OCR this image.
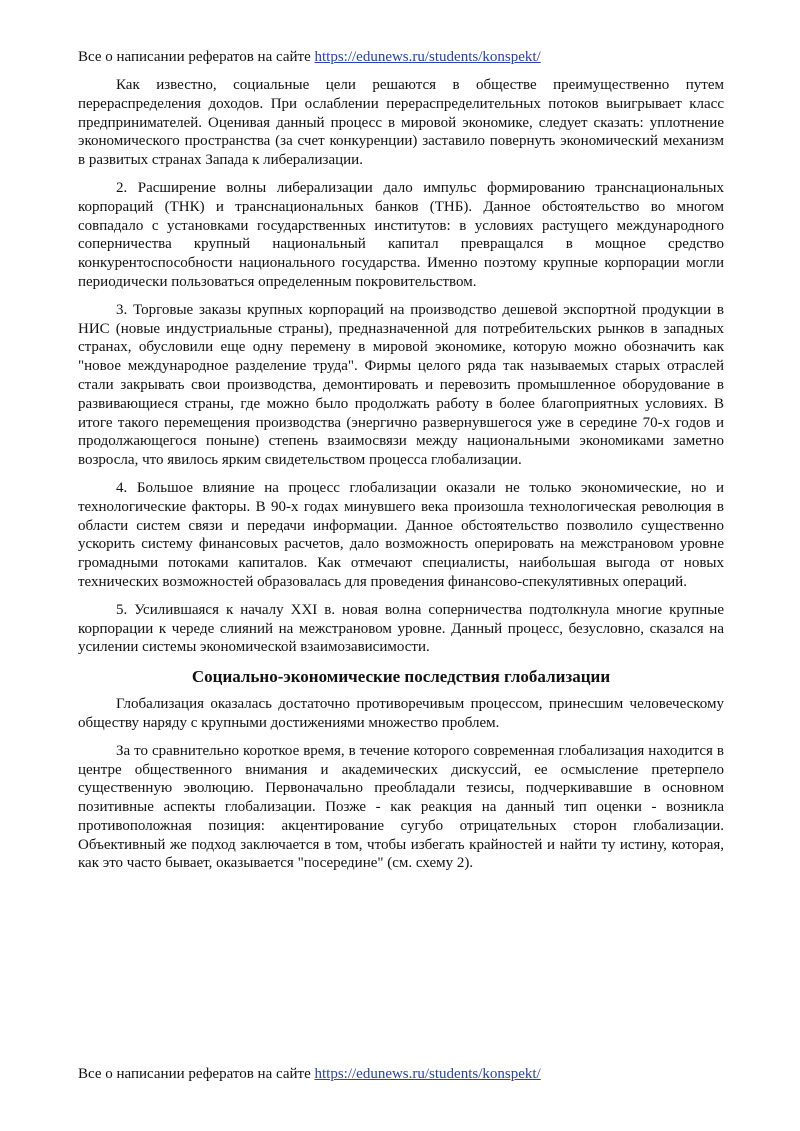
Все о написании рефератов на сайте https://edunews.ru/students/konspekt/

Как известно, социальные цели решаются в обществе преимущественно путем перераспределения доходов. При ослаблении перераспределительных потоков выигрывает класс предпринимателей. Оценивая данный процесс в мировой экономике, следует сказать: уплотнение экономического пространства (за счет конкуренции) заставило повернуть экономический механизм в развитых странах Запада к либерализации.

2. Расширение волны либерализации дало импульс формированию транснациональных корпораций (ТНК) и транснациональных банков (ТНБ). Данное обстоятельство во многом совпадало с установками государственных институтов: в условиях растущего международного соперничества крупный национальный капитал превращался в мощное средство конкурентоспособности национального государства. Именно поэтому крупные корпорации могли периодически пользоваться определенным покровительством.

3. Торговые заказы крупных корпораций на производство дешевой экспортной продукции в НИС (новые индустриальные страны), предназначенной для потребительских рынков в западных странах, обусловили еще одну перемену в мировой экономике, которую можно обозначить как "новое международное разделение труда". Фирмы целого ряда так называемых старых отраслей стали закрывать свои производства, демонтировать и перевозить промышленное оборудование в развивающиеся страны, где можно было продолжать работу в более благоприятных условиях. В итоге такого перемещения производства (энергично развернувшегося уже в середине 70-х годов и продолжающегося поныне) степень взаимосвязи между национальными экономиками заметно возросла, что явилось ярким свидетельством процесса глобализации.

4. Большое влияние на процесс глобализации оказали не только экономические, но и технологические факторы. В 90-х годах минувшего века произошла технологическая революция в области систем связи и передачи информации. Данное обстоятельство позволило существенно ускорить систему финансовых расчетов, дало возможность оперировать на межстрановом уровне громадными потоками капиталов. Как отмечают специалисты, наибольшая выгода от новых технических возможностей образовалась для проведения финансово-спекулятивных операций.

5. Усилившаяся к началу XXI в. новая волна соперничества подтолкнула многие крупные корпорации к череде слияний на межстрановом уровне. Данный процесс, безусловно, сказался на усилении системы экономической взаимозависимости.

Социально-экономические последствия глобализации

Глобализация оказалась достаточно противоречивым процессом, принесшим человеческому обществу наряду с крупными достижениями множество проблем.

За то сравнительно короткое время, в течение которого современная глобализация находится в центре общественного внимания и академических дискуссий, ее осмысление претерпело существенную эволюцию. Первоначально преобладали тезисы, подчеркивавшие в основном позитивные аспекты глобализации. Позже - как реакция на данный тип оценки - возникла противоположная позиция: акцентирование сугубо отрицательных сторон глобализации. Объективный же подход заключается в том, чтобы избегать крайностей и найти ту истину, которая, как это часто бывает, оказывается "посередине" (см. схему 2).

Все о написании рефератов на сайте https://edunews.ru/students/konspekt/
